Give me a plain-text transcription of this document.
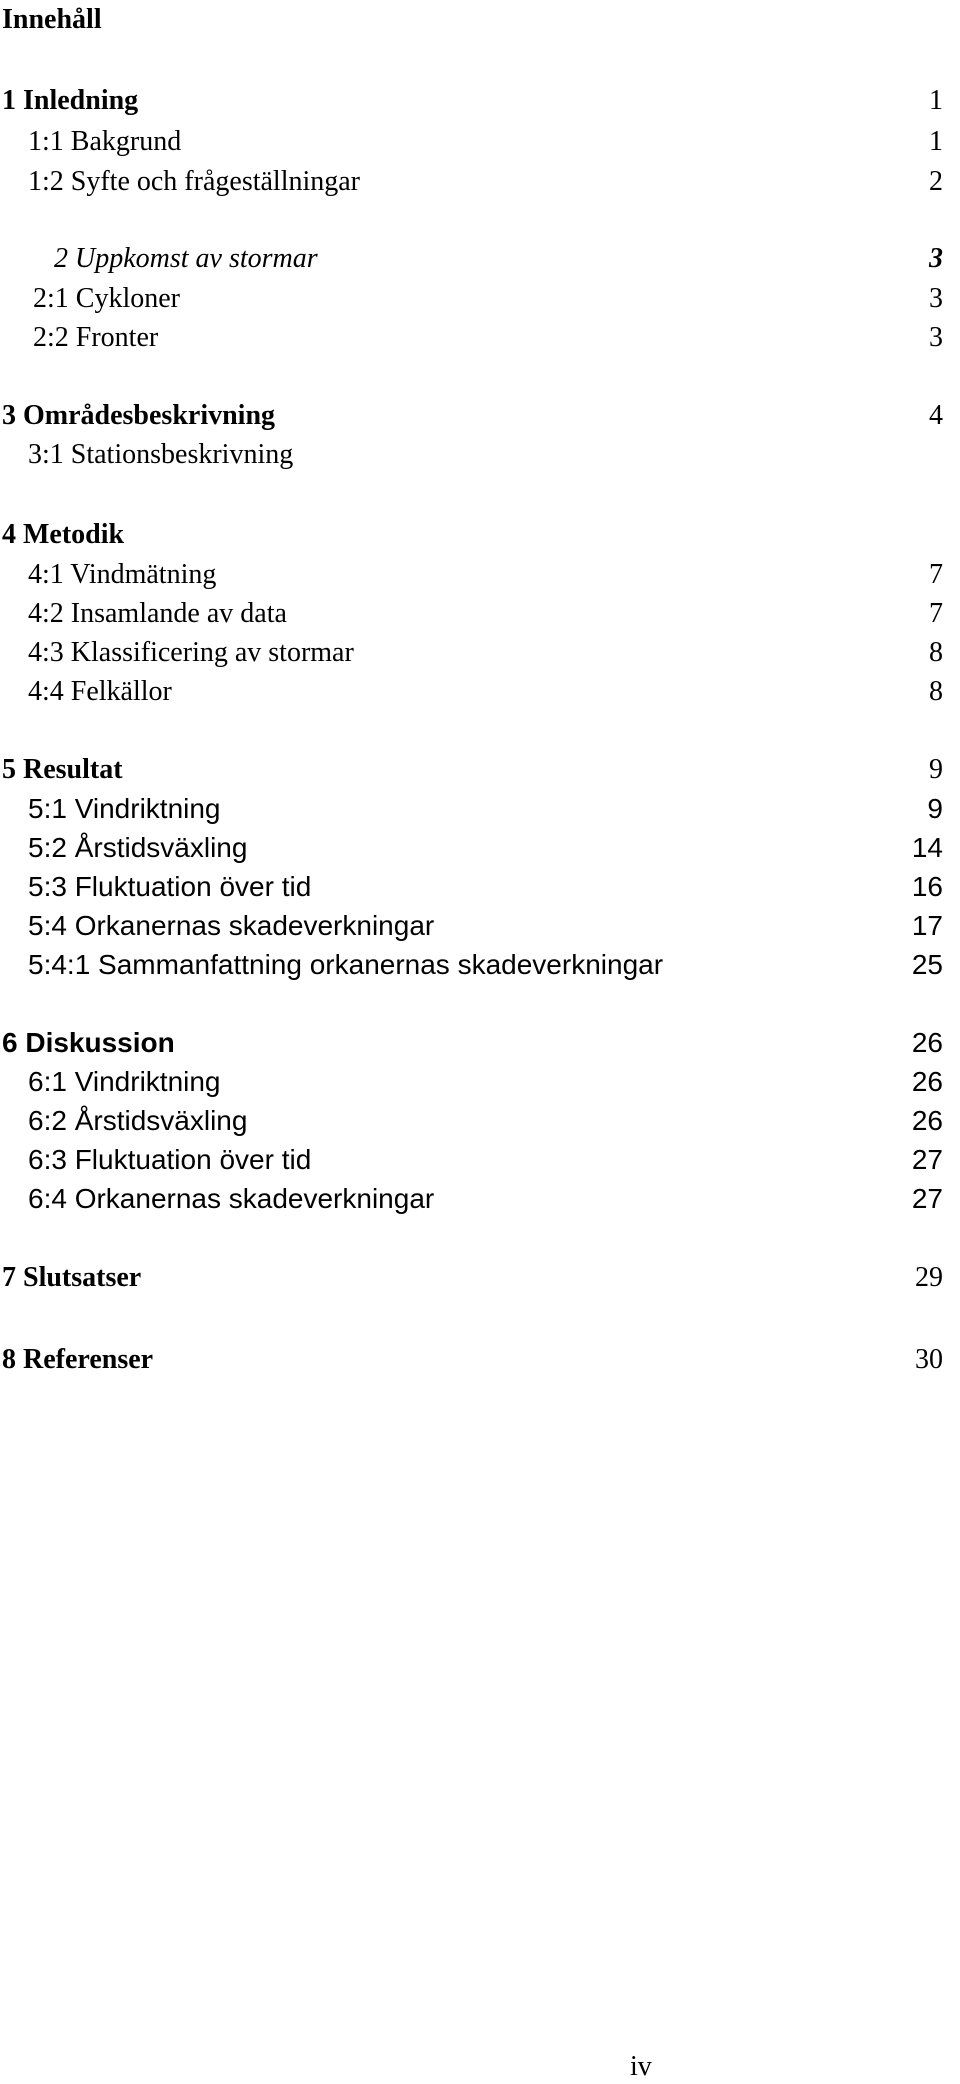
Innehåll
1 Inledning	1
1:1 Bakgrund	1
1:2 Syfte och frågeställningar	2
2 Uppkomst av stormar	3
2:1 Cykloner	3
2:2 Fronter	3
3 Områdesbeskrivning	4
3:1 Stationsbeskrivning
4 Metodik
4:1 Vindmätning	7
4:2 Insamlande av data	7
4:3 Klassificering av stormar	8
4:4 Felkällor	8
5 Resultat	9
5:1 Vindriktning	9
5:2 Årstidsväxling	14
5:3 Fluktuation över tid	16
5:4 Orkanernas skadeverkningar	17
5:4:1 Sammanfattning orkanernas skadeverkningar	25
6 Diskussion	26
6:1 Vindriktning	26
6:2 Årstidsväxling	26
6:3 Fluktuation över tid	27
6:4 Orkanernas skadeverkningar	27
7 Slutsatser	29
8 Referenser	30
iv
